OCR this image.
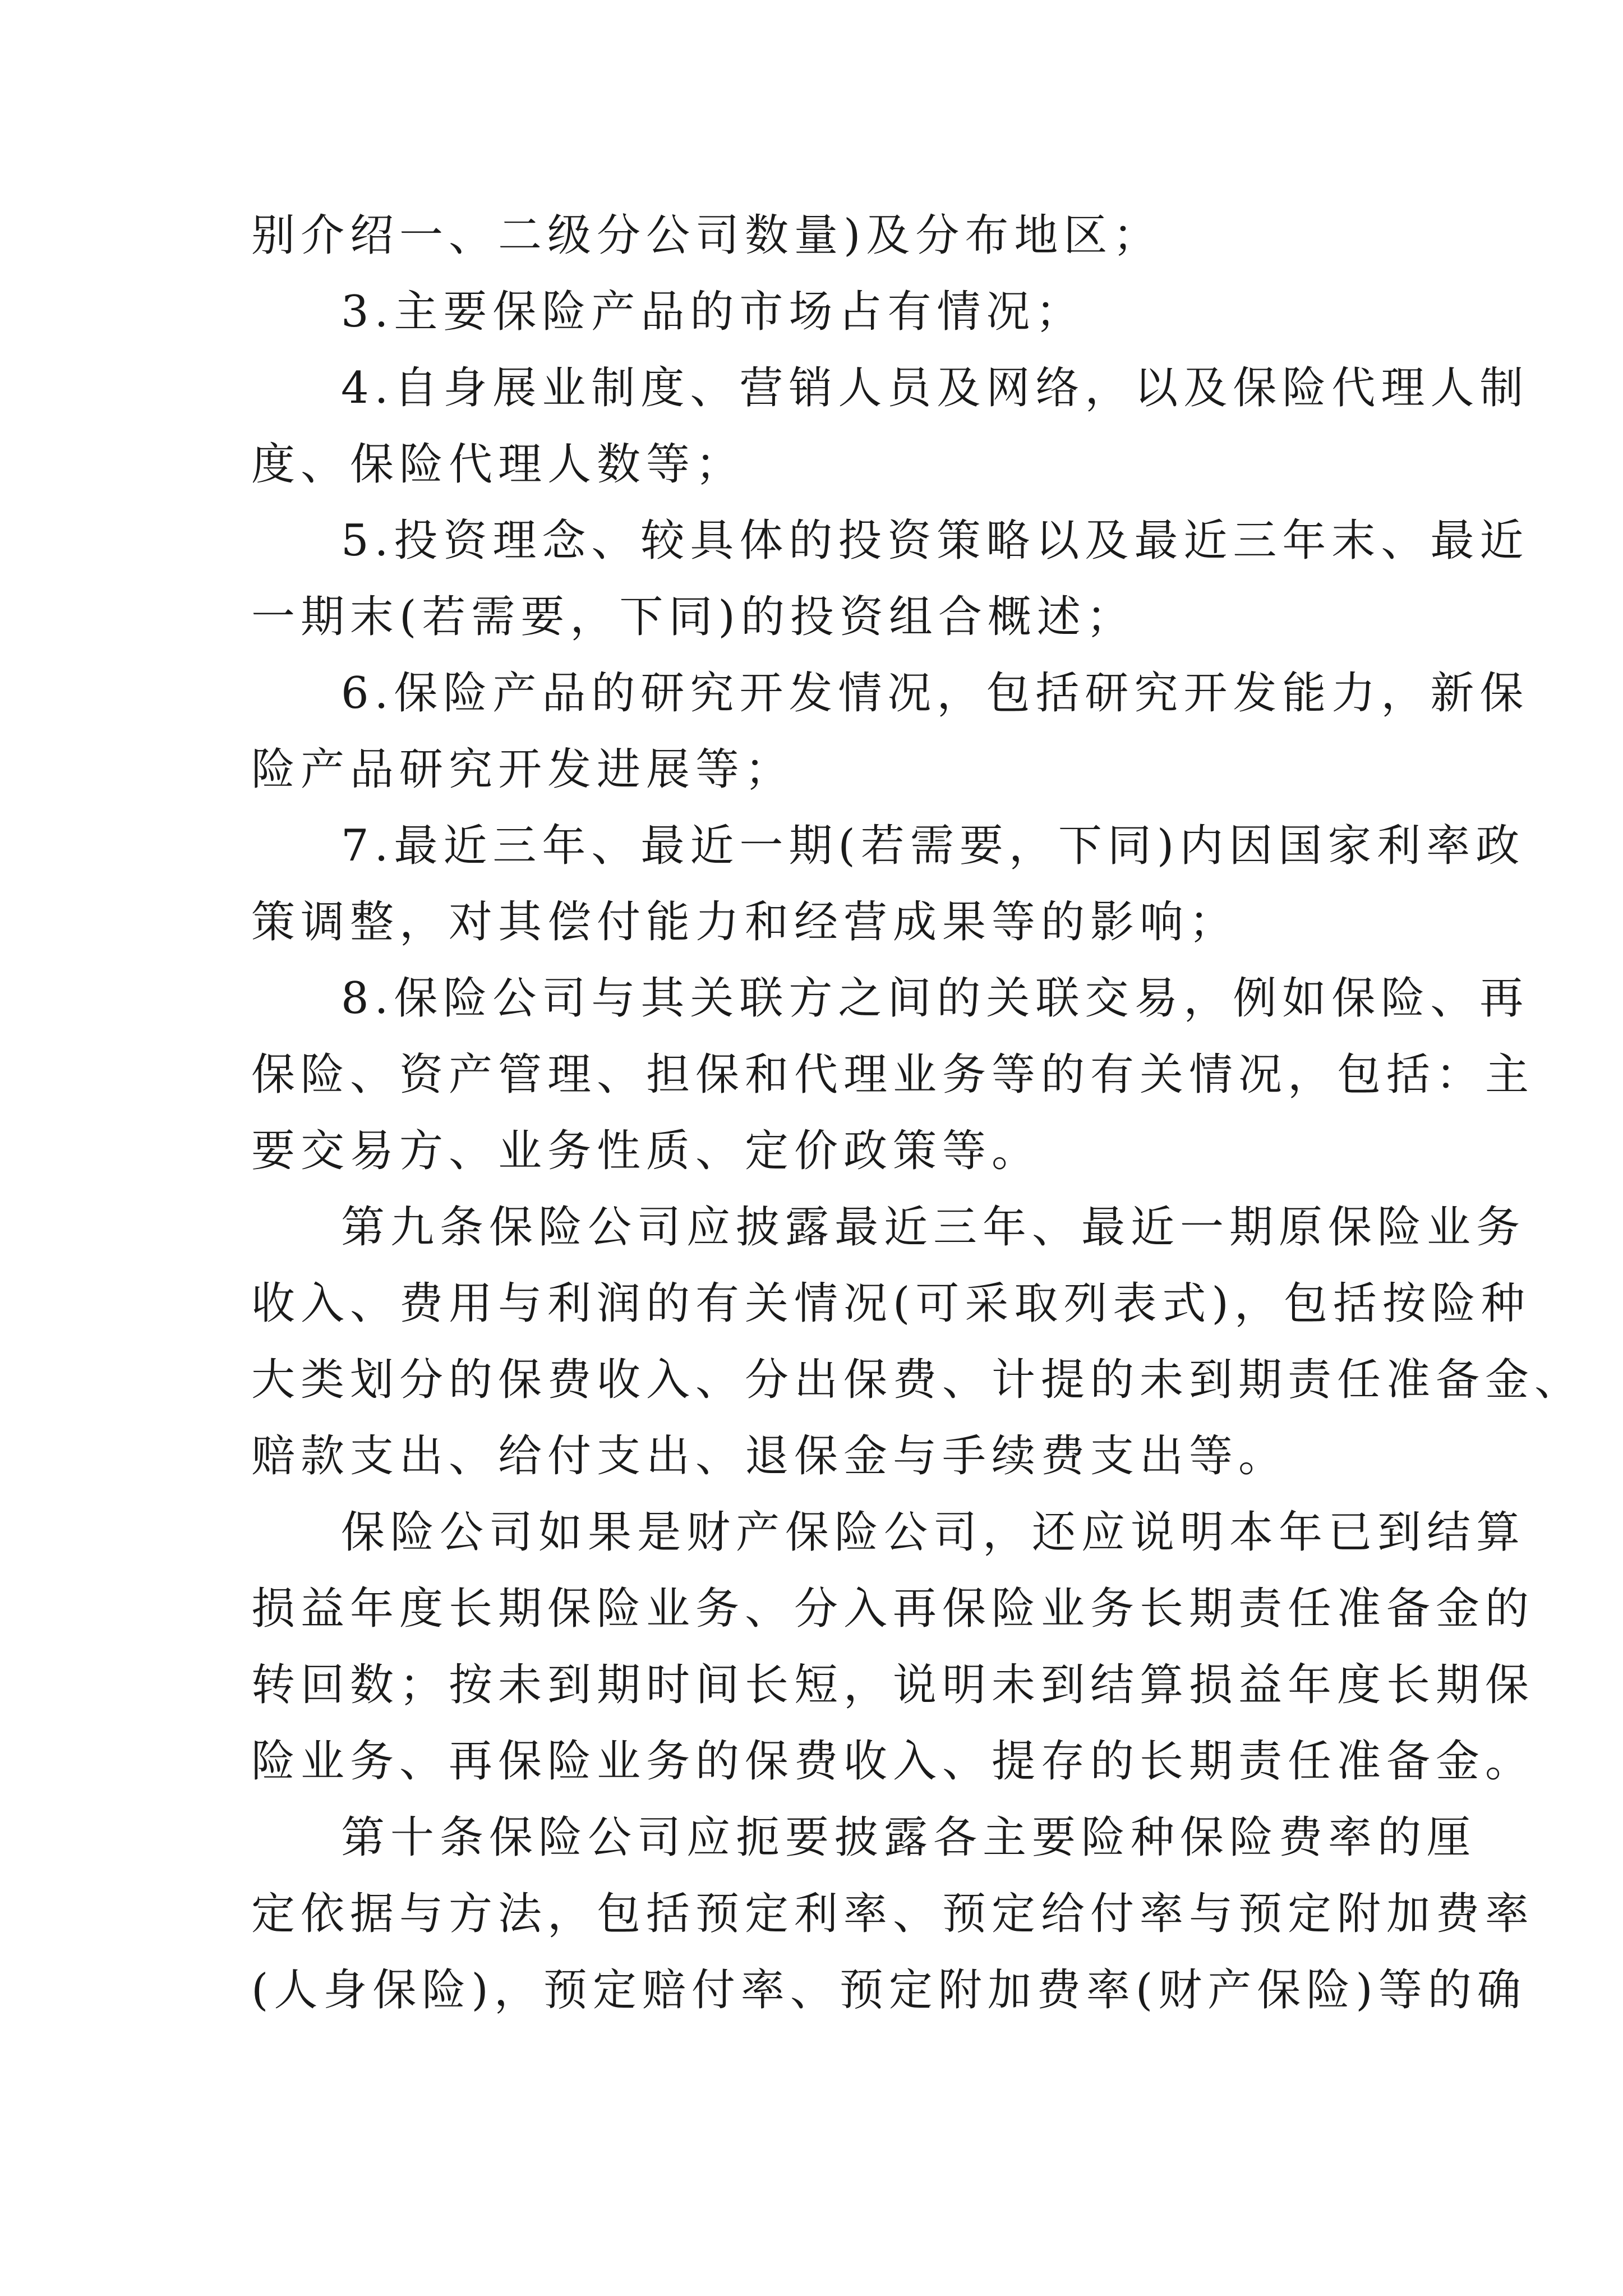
别介绍一、二级分公司数量)及分布地区；
3.主要保险产品的市场占有情况；
4.自身展业制度、营销人员及网络，以及保险代理人制
度、保险代理人数等；
5.投资理念、较具体的投资策略以及最近三年末、最近
一期末(若需要，下同)的投资组合概述；
6.保险产品的研究开发情况，包括研究开发能力，新保
险产品研究开发进展等；
7.最近三年、最近一期(若需要，下同)内因国家利率政
策调整，对其偿付能力和经营成果等的影响；
8.保险公司与其关联方之间的关联交易，例如保险、再
保险、资产管理、担保和代理业务等的有关情况，包括：主
要交易方、业务性质、定价政策等。
第九条保险公司应披露最近三年、最近一期原保险业务
收入、费用与利润的有关情况(可采取列表式)，包括按险种
大类划分的保费收入、分出保费、计提的未到期责任准备金、
赔款支出、给付支出、退保金与手续费支出等。
保险公司如果是财产保险公司，还应说明本年已到结算
损益年度长期保险业务、分入再保险业务长期责任准备金的
转回数；按未到期时间长短，说明未到结算损益年度长期保
险业务、再保险业务的保费收入、提存的长期责任准备金。
第十条保险公司应扼要披露各主要险种保险费率的厘
定依据与方法，包括预定利率、预定给付率与预定附加费率
(人身保险)，预定赔付率、预定附加费率(财产保险)等的确
